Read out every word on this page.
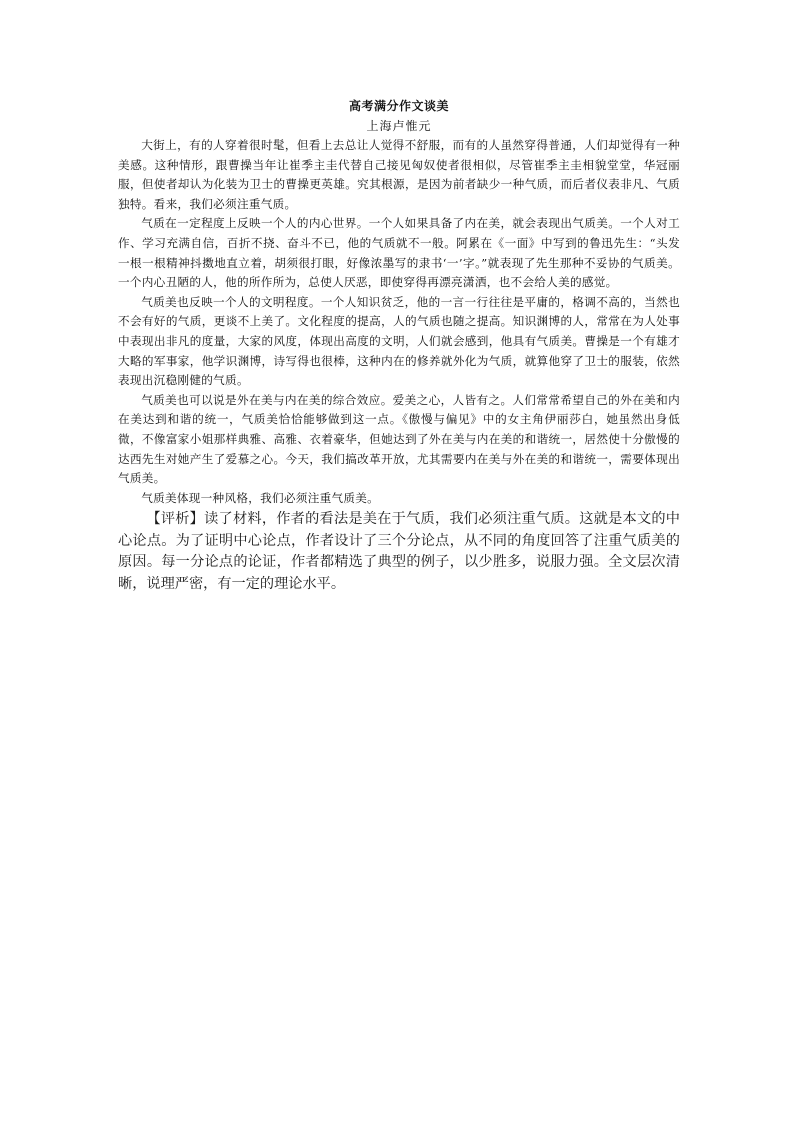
高考满分作文谈美

上海卢惟元

大街上，有的人穿着很时髦，但看上去总让人觉得不舒服，而有的人虽然穿得普通，人们却觉得有一种美感。这种情形，跟曹操当年让崔季主圭代替自己接见匈奴使者很相似，尽管崔季主圭相貌堂堂，华冠丽服，但使者却认为化装为卫士的曹操更英雄。究其根源，是因为前者缺少一种气质，而后者仪表非凡、气质独特。看来，我们必须注重气质。

气质在一定程度上反映一个人的内心世界。一个人如果具备了内在美，就会表现出气质美。一个人对工作、学习充满自信，百折不挠、奋斗不已，他的气质就不一般。阿累在《一面》中写到的鲁迅先生：“头发一根一根精神抖擞地直立着，胡须很打眼，好像浓墨写的隶书‘一’字。”就表现了先生那种不妥协的气质美。一个内心丑陋的人，他的所作所为，总使人厌恶，即使穿得再漂亮潇洒，也不会给人美的感觉。

气质美也反映一个人的文明程度。一个人知识贫乏，他的一言一行往往是平庸的，格调不高的，当然也不会有好的气质，更谈不上美了。文化程度的提高，人的气质也随之提高。知识渊博的人，常常在为人处事中表现出非凡的度量，大家的风度，体现出高度的文明，人们就会感到，他具有气质美。曹操是一个有雄才大略的军事家，他学识渊博，诗写得也很棒，这种内在的修养就外化为气质，就算他穿了卫士的服装，依然表现出沉稳刚健的气质。

气质美也可以说是外在美与内在美的综合效应。爱美之心，人皆有之。人们常常希望自己的外在美和内在美达到和谐的统一，气质美恰恰能够做到这一点。《傲慢与偏见》中的女主角伊丽莎白，她虽然出身低微，不像富家小姐那样典雅、高雅、衣着豪华，但她达到了外在美与内在美的和谐统一，居然使十分傲慢的达西先生对她产生了爱慕之心。今天，我们搞改革开放，尤其需要内在美与外在美的和谐统一，需要体现出气质美。

气质美体现一种风格，我们必须注重气质美。

【评析】读了材料，作者的看法是美在于气质，我们必须注重气质。这就是本文的中心论点。为了证明中心论点，作者设计了三个分论点，从不同的角度回答了注重气质美的原因。每一分论点的论证，作者都精选了典型的例子，以少胜多，说服力强。全文层次清晰，说理严密，有一定的理论水平。
